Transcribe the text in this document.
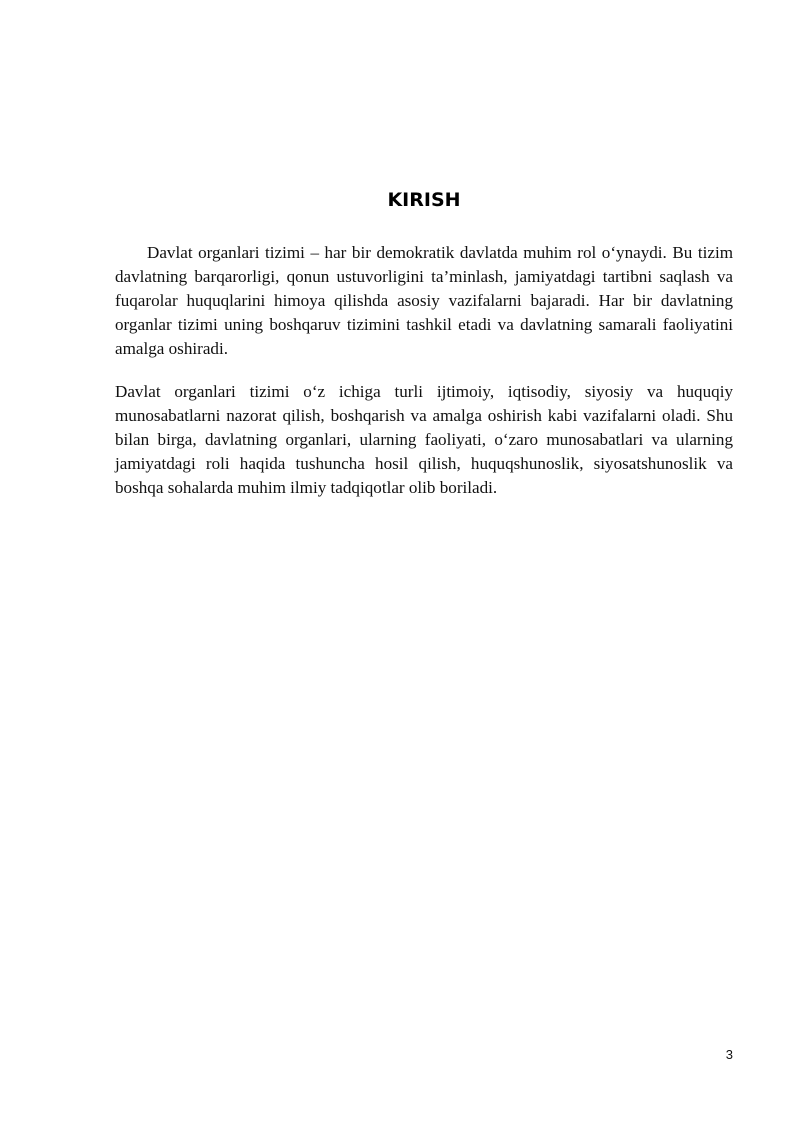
KIRISH

Davlat organlari tizimi – har bir demokratik davlatda muhim rol o‘ynaydi. Bu tizim davlatning barqarorligi, qonun ustuvorligini ta’minlash, jamiyatdagi tartibni saqlash va fuqarolar huquqlarini himoya qilishda asosiy vazifalarni bajaradi. Har bir davlatning organlar tizimi uning boshqaruv tizimini tashkil etadi va davlatning samarali faoliyatini amalga oshiradi.

Davlat organlari tizimi o‘z ichiga turli ijtimoiy, iqtisodiy, siyosiy va huquqiy munosabatlarni nazorat qilish, boshqarish va amalga oshirish kabi vazifalarni oladi. Shu bilan birga, davlatning organlari, ularning faoliyati, o‘zaro munosabatlari va ularning jamiyatdagi roli haqida tushuncha hosil qilish, huquqshunoslik, siyosatshunoslik va boshqa sohalarda muhim ilmiy tadqiqotlar olib boriladi.

3
